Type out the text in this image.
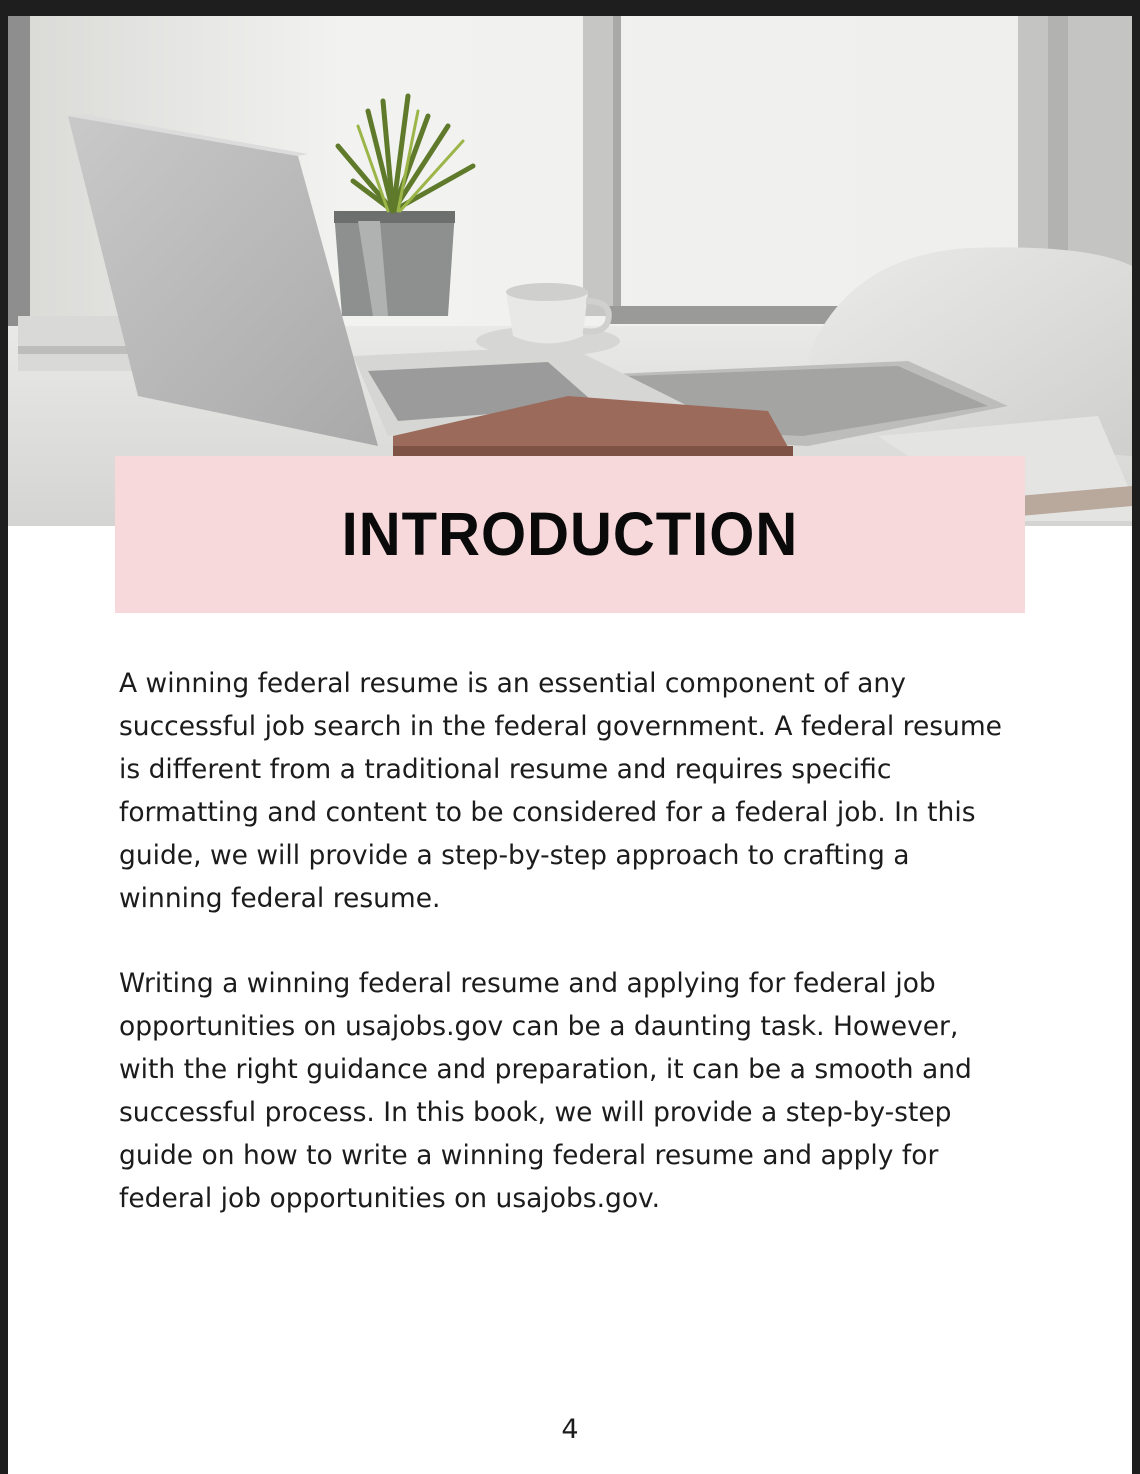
INTRODUCTION

A winning federal resume is an essential component of any successful job search in the federal government. A federal resume is different from a traditional resume and requires specific formatting and content to be considered for a federal job. In this guide, we will provide a step-by-step approach to crafting a winning federal resume.

Writing a winning federal resume and applying for federal job opportunities on usajobs.gov can be a daunting task. However, with the right guidance and preparation, it can be a smooth and successful process. In this book, we will provide a step-by-step guide on how to write a winning federal resume and apply for federal job opportunities on usajobs.gov.

4
